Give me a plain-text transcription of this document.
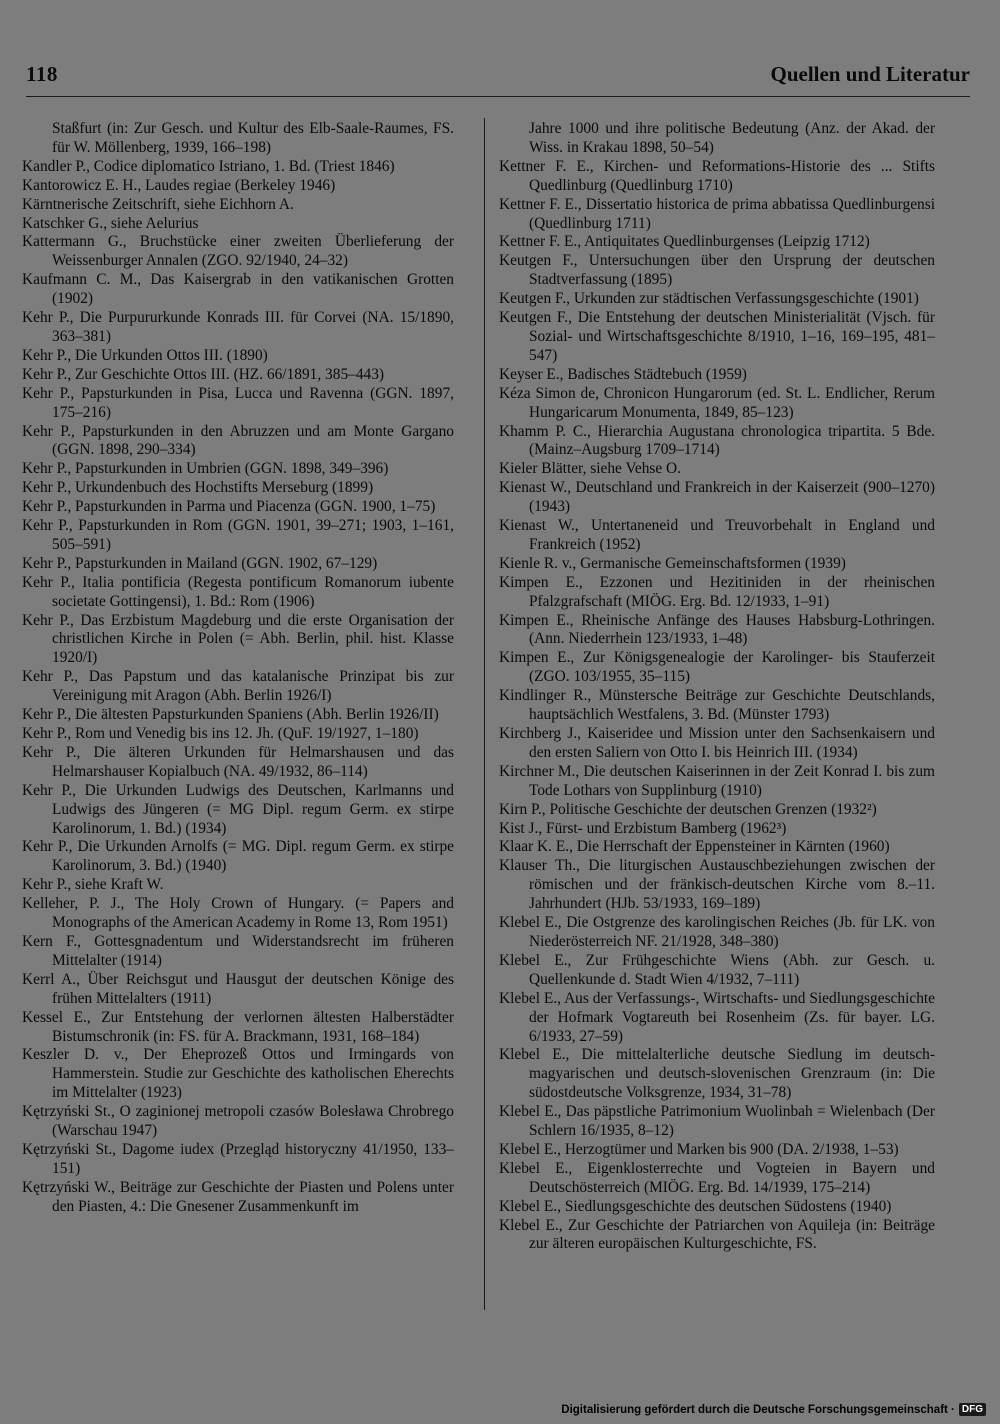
118	Quellen und Literatur

Staßfurt (in: Zur Gesch. und Kultur des Elb-Saale-Raumes, FS. für W. Möllenberg, 1939, 166–198)

Kandler P., Codice diplomatico Istriano, 1. Bd. (Triest 1846)

Kantorowicz E. H., Laudes regiae (Berkeley 1946)

Kärntnerische Zeitschrift, siehe Eichhorn A.

Katschker G., siehe Aelurius

Kattermann G., Bruchstücke einer zweiten Überlieferung der Weissenburger Annalen (ZGO. 92/1940, 24–32)

Kaufmann C. M., Das Kaisergrab in den vatikanischen Grotten (1902)

Kehr P., Die Purpururkunde Konrads III. für Corvei (NA. 15/1890, 363–381)

Kehr P., Die Urkunden Ottos III. (1890)

Kehr P., Zur Geschichte Ottos III. (HZ. 66/1891, 385–443)

Kehr P., Papsturkunden in Pisa, Lucca und Ravenna (GGN. 1897, 175–216)

Kehr P., Papsturkunden in den Abruzzen und am Monte Gargano (GGN. 1898, 290–334)

Kehr P., Papsturkunden in Umbrien (GGN. 1898, 349–396)

Kehr P., Urkundenbuch des Hochstifts Merseburg (1899)

Kehr P., Papsturkunden in Parma und Piacenza (GGN. 1900, 1–75)

Kehr P., Papsturkunden in Rom (GGN. 1901, 39–271; 1903, 1–161, 505–591)

Kehr P., Papsturkunden in Mailand (GGN. 1902, 67–129)

Kehr P., Italia pontificia (Regesta pontificum Romanorum iubente societate Gottingensi), 1. Bd.: Rom (1906)

Kehr P., Das Erzbistum Magdeburg und die erste Organisation der christlichen Kirche in Polen (= Abh. Berlin, phil. hist. Klasse 1920/I)

Kehr P., Das Papstum und das katalanische Prinzipat bis zur Vereinigung mit Aragon (Abh. Berlin 1926/I)

Kehr P., Die ältesten Papsturkunden Spaniens (Abh. Berlin 1926/II)

Kehr P., Rom und Venedig bis ins 12. Jh. (QuF. 19/1927, 1–180)

Kehr P., Die älteren Urkunden für Helmarshausen und das Helmarshauser Kopialbuch (NA. 49/1932, 86–114)

Kehr P., Die Urkunden Ludwigs des Deutschen, Karlmanns und Ludwigs des Jüngeren (= MG Dipl. regum Germ. ex stirpe Karolinorum, 1. Bd.) (1934)

Kehr P., Die Urkunden Arnolfs (= MG. Dipl. regum Germ. ex stirpe Karolinorum, 3. Bd.) (1940)

Kehr P., siehe Kraft W.

Kelleher, P. J., The Holy Crown of Hungary. (= Papers and Monographs of the American Academy in Rome 13, Rom 1951)

Kern F., Gottesgnadentum und Widerstandsrecht im früheren Mittelalter (1914)

Kerrl A., Über Reichsgut und Hausgut der deutschen Könige des frühen Mittelalters (1911)

Kessel E., Zur Entstehung der verlornen ältesten Halberstädter Bistumschronik (in: FS. für A. Brackmann, 1931, 168–184)

Keszler D. v., Der Eheprozeß Ottos und Irmingards von Hammerstein. Studie zur Geschichte des katholischen Eherechts im Mittelalter (1923)

Kętrzyński St., O zaginionej metropoli czasów Bolesława Chrobrego (Warschau 1947)

Kętrzyński St., Dagome iudex (Przegląd historyczny 41/1950, 133–151)

Kętrzyński W., Beiträge zur Geschichte der Piasten und Polens unter den Piasten, 4.: Die Gnesener Zusammenkunft im

Jahre 1000 und ihre politische Bedeutung (Anz. der Akad. der Wiss. in Krakau 1898, 50–54)

Kettner F. E., Kirchen- und Reformations-Historie des ... Stifts Quedlinburg (Quedlinburg 1710)

Kettner F. E., Dissertatio historica de prima abbatissa Quedlinburgensi (Quedlinburg 1711)

Kettner F. E., Antiquitates Quedlinburgenses (Leipzig 1712)

Keutgen F., Untersuchungen über den Ursprung der deutschen Stadtverfassung (1895)

Keutgen F., Urkunden zur städtischen Verfassungsgeschichte (1901)

Keutgen F., Die Entstehung der deutschen Ministerialität (Vjsch. für Sozial- und Wirtschaftsgeschichte 8/1910, 1–16, 169–195, 481–547)

Keyser E., Badisches Städtebuch (1959)

Kéza Simon de, Chronicon Hungarorum (ed. St. L. Endlicher, Rerum Hungaricarum Monumenta, 1849, 85–123)

Khamm P. C., Hierarchia Augustana chronologica tripartita. 5 Bde. (Mainz–Augsburg 1709–1714)

Kieler Blätter, siehe Vehse O.

Kienast W., Deutschland und Frankreich in der Kaiserzeit (900–1270) (1943)

Kienast W., Untertaneneid und Treuvorbehalt in England und Frankreich (1952)

Kienle R. v., Germanische Gemeinschaftsformen (1939)

Kimpen E., Ezzonen und Hezitiniden in der rheinischen Pfalzgrafschaft (MIÖG. Erg. Bd. 12/1933, 1–91)

Kimpen E., Rheinische Anfänge des Hauses Habsburg-Lothringen. (Ann. Niederrhein 123/1933, 1–48)

Kimpen E., Zur Königsgenealogie der Karolinger- bis Stauferzeit (ZGO. 103/1955, 35–115)

Kindlinger R., Münstersche Beiträge zur Geschichte Deutschlands, hauptsächlich Westfalens, 3. Bd. (Münster 1793)

Kirchberg J., Kaiseridee und Mission unter den Sachsenkaisern und den ersten Saliern von Otto I. bis Heinrich III. (1934)

Kirchner M., Die deutschen Kaiserinnen in der Zeit Konrad I. bis zum Tode Lothars von Supplinburg (1910)

Kirn P., Politische Geschichte der deutschen Grenzen (1932²)

Kist J., Fürst- und Erzbistum Bamberg (1962³)

Klaar K. E., Die Herrschaft der Eppensteiner in Kärnten (1960)

Klauser Th., Die liturgischen Austauschbeziehungen zwischen der römischen und der fränkisch-deutschen Kirche vom 8.–11. Jahrhundert (HJb. 53/1933, 169–189)

Klebel E., Die Ostgrenze des karolingischen Reiches (Jb. für LK. von Niederösterreich NF. 21/1928, 348–380)

Klebel E., Zur Frühgeschichte Wiens (Abh. zur Gesch. u. Quellenkunde d. Stadt Wien 4/1932, 7–111)

Klebel E., Aus der Verfassungs-, Wirtschafts- und Siedlungsgeschichte der Hofmark Vogtareuth bei Rosenheim (Zs. für bayer. LG. 6/1933, 27–59)

Klebel E., Die mittelalterliche deutsche Siedlung im deutsch-magyarischen und deutsch-slovenischen Grenzraum (in: Die südostdeutsche Volksgrenze, 1934, 31–78)

Klebel E., Das päpstliche Patrimonium Wuolinbah = Wielenbach (Der Schlern 16/1935, 8–12)

Klebel E., Herzogtümer und Marken bis 900 (DA. 2/1938, 1–53)

Klebel E., Eigenklosterrechte und Vogteien in Bayern und Deutschösterreich (MIÖG. Erg. Bd. 14/1939, 175–214)

Klebel E., Siedlungsgeschichte des deutschen Südostens (1940)

Klebel E., Zur Geschichte der Patriarchen von Aquileja (in: Beiträge zur älteren europäischen Kulturgeschichte, FS.

Digitalisierung gefördert durch die Deutsche Forschungsgemeinschaft · DFG
